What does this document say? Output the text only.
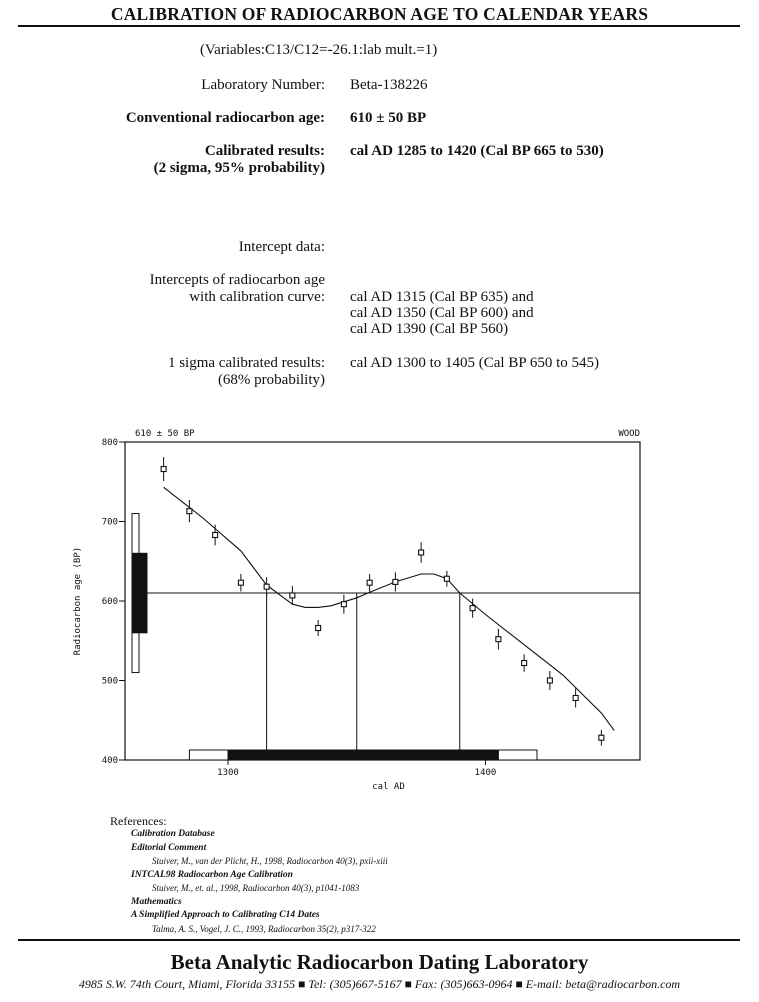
CALIBRATION OF RADIOCARBON AGE TO CALENDAR YEARS
(Variables:C13/C12=-26.1:lab mult.=1)
Laboratory Number: Beta-138226
Conventional radiocarbon age: 610 ± 50 BP
Calibrated results:
(2 sigma, 95% probability)
cal AD 1285 to 1420 (Cal BP 665 to 530)
Intercept data:
Intercepts of radiocarbon age
with calibration curve: cal AD 1315 (Cal BP 635) and
cal AD 1350 (Cal BP 600) and
cal AD 1390 (Cal BP 560)
1 sigma calibrated results:
(68% probability)
cal AD 1300 to 1405 (Cal BP 650 to 545)
400
500
600
700
800
1300	1400
cal AD
Radiocarbon age (BP)
610 ± 50 BP	WOOD
References:
Calibration Database
Editorial Comment
Stuiver, M., van der Plicht, H., 1998, Radiocarbon 40(3), pxii-xiii
INTCAL98 Radiocarbon Age Calibration
Stuiver, M., et. al., 1998, Radiocarbon 40(3), p1041-1083
Mathematics
A Simplified Approach to Calibrating C14 Dates
Talma, A. S., Vogel, J. C., 1993, Radiocarbon 35(2), p317-322
Beta Analytic Radiocarbon Dating Laboratory
4985 S.W. 74th Court, Miami, Florida 33155 ■ Tel: (305)667-5167 ■ Fax: (305)663-0964 ■ E-mail: beta@radiocarbon.com
